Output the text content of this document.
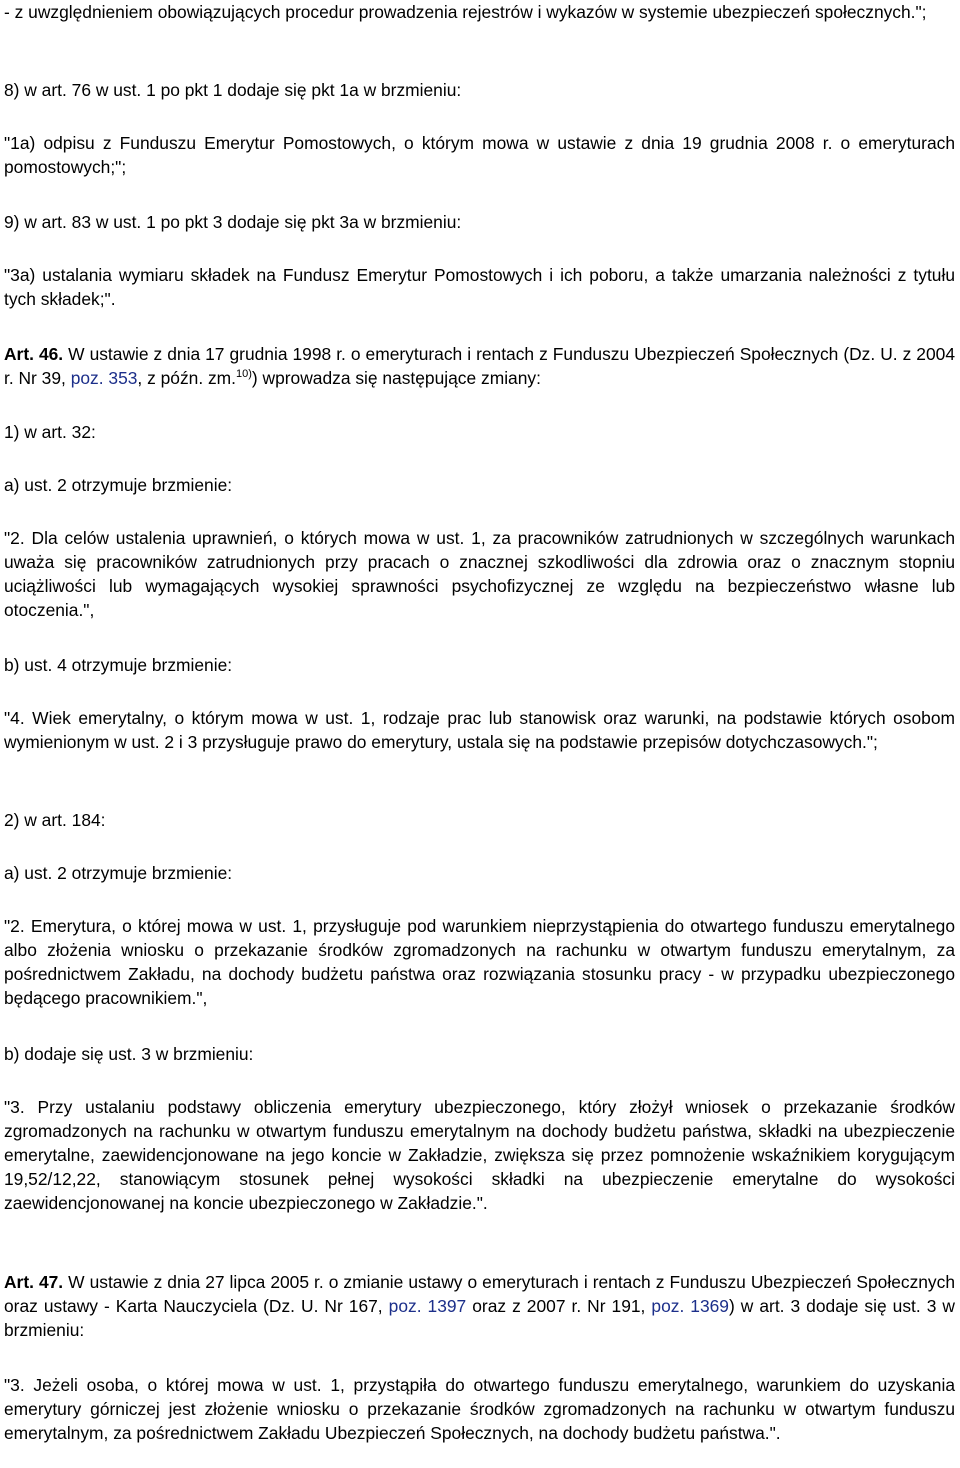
- z uwzględnieniem obowiązujących procedur prowadzenia rejestrów i wykazów w systemie ubezpieczeń społecznych.";

8) w art. 76 w ust. 1 po pkt 1 dodaje się pkt 1a w brzmieniu:

"1a) odpisu z Funduszu Emerytur Pomostowych, o którym mowa w ustawie z dnia 19 grudnia 2008 r. o emeryturach pomostowych;";

9) w art. 83 w ust. 1 po pkt 3 dodaje się pkt 3a w brzmieniu:

"3a) ustalania wymiaru składek na Fundusz Emerytur Pomostowych i ich poboru, a także umarzania należności z tytułu tych składek;".

Art. 46. W ustawie z dnia 17 grudnia 1998 r. o emeryturach i rentach z Funduszu Ubezpieczeń Społecznych (Dz. U. z 2004 r. Nr 39, poz. 353, z późn. zm.$^{10)}$) wprowadza się następujące zmiany:

1) w art. 32:

a) ust. 2 otrzymuje brzmienie:

"2. Dla celów ustalenia uprawnień, o których mowa w ust. 1, za pracowników zatrudnionych w szczególnych warunkach uważa się pracowników zatrudnionych przy pracach o znacznej szkodliwości dla zdrowia oraz o znacznym stopniu uciążliwości lub wymagających wysokiej sprawności psychofizycznej ze względu na bezpieczeństwo własne lub otoczenia.",

b) ust. 4 otrzymuje brzmienie:

"4. Wiek emerytalny, o którym mowa w ust. 1, rodzaje prac lub stanowisk oraz warunki, na podstawie których osobom wymienionym w ust. 2 i 3 przysługuje prawo do emerytury, ustala się na podstawie przepisów dotychczasowych.";

2) w art. 184:

a) ust. 2 otrzymuje brzmienie:

"2. Emerytura, o której mowa w ust. 1, przysługuje pod warunkiem nieprzystąpienia do otwartego funduszu emerytalnego albo złożenia wniosku o przekazanie środków zgromadzonych na rachunku w otwartym funduszu emerytalnym, za pośrednictwem Zakładu, na dochody budżetu państwa oraz rozwiązania stosunku pracy - w przypadku ubezpieczonego będącego pracownikiem.",

b) dodaje się ust. 3 w brzmieniu:

"3. Przy ustalaniu podstawy obliczenia emerytury ubezpieczonego, który złożył wniosek o przekazanie środków zgromadzonych na rachunku w otwartym funduszu emerytalnym na dochody budżetu państwa, składki na ubezpieczenie emerytalne, zaewidencjonowane na jego koncie w Zakładzie, zwiększa się przez pomnożenie wskaźnikiem korygującym 19,52/12,22, stanowiącym stosunek pełnej wysokości składki na ubezpieczenie emerytalne do wysokości zaewidencjonowanej na koncie ubezpieczonego w Zakładzie.".

Art. 47. W ustawie z dnia 27 lipca 2005 r. o zmianie ustawy o emeryturach i rentach z Funduszu Ubezpieczeń Społecznych oraz ustawy - Karta Nauczyciela (Dz. U. Nr 167, poz. 1397 oraz z 2007 r. Nr 191, poz. 1369) w art. 3 dodaje się ust. 3 w brzmieniu:

"3. Jeżeli osoba, o której mowa w ust. 1, przystąpiła do otwartego funduszu emerytalnego, warunkiem do uzyskania emerytury górniczej jest złożenie wniosku o przekazanie środków zgromadzonych na rachunku w otwartym funduszu emerytalnym, za pośrednictwem Zakładu Ubezpieczeń Społecznych, na dochody budżetu państwa.".
